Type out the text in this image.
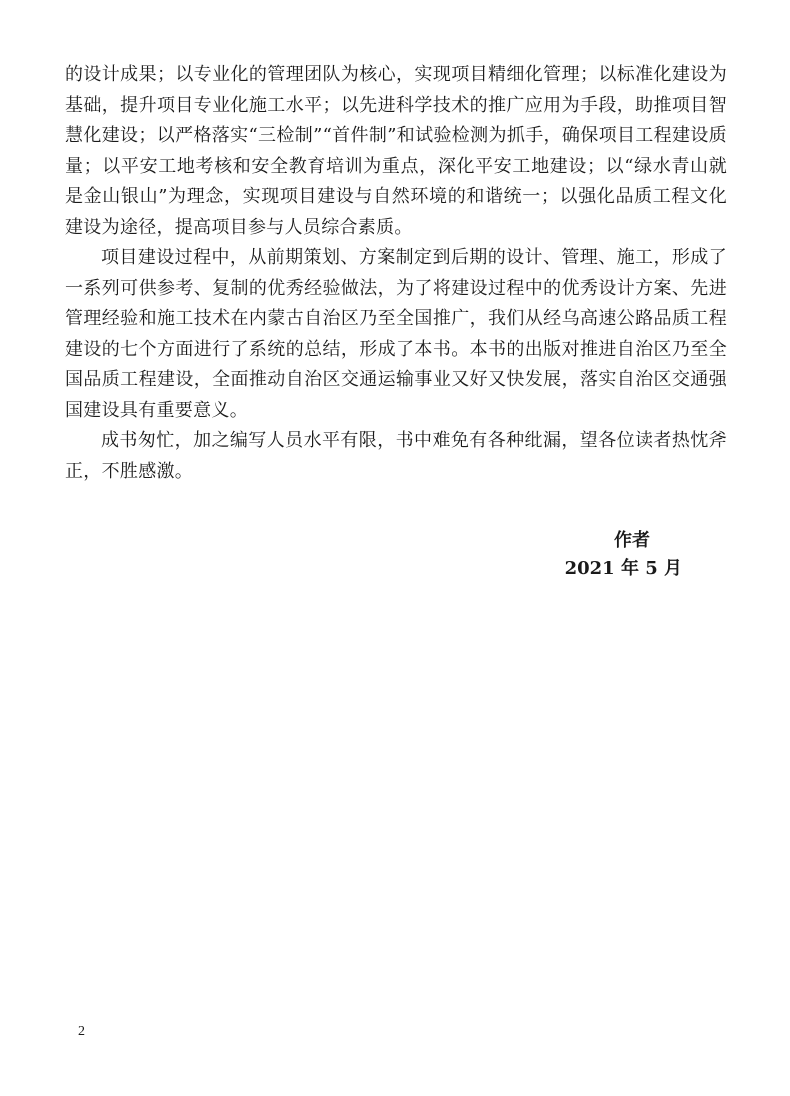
的设计成果；以专业化的管理团队为核心，实现项目精细化管理；以标准化建设为基础，提升项目专业化施工水平；以先进科学技术的推广应用为手段，助推项目智慧化建设；以严格落实“三检制”“首件制”和试验检测为抓手，确保项目工程建设质量；以平安工地考核和安全教育培训为重点，深化平安工地建设；以“绿水青山就是金山银山”为理念，实现项目建设与自然环境的和谐统一；以强化品质工程文化建设为途径，提高项目参与人员综合素质。

项目建设过程中，从前期策划、方案制定到后期的设计、管理、施工，形成了一系列可供参考、复制的优秀经验做法，为了将建设过程中的优秀设计方案、先进管理经验和施工技术在内蒙古自治区乃至全国推广，我们从经乌高速公路品质工程建设的七个方面进行了系统的总结，形成了本书。本书的出版对推进自治区乃至全国品质工程建设，全面推动自治区交通运输事业又好又快发展，落实自治区交通强国建设具有重要意义。

成书匆忙，加之编写人员水平有限，书中难免有各种纰漏，望各位读者热忱斧正，不胜感激。

作者
2021 年 5 月
2
